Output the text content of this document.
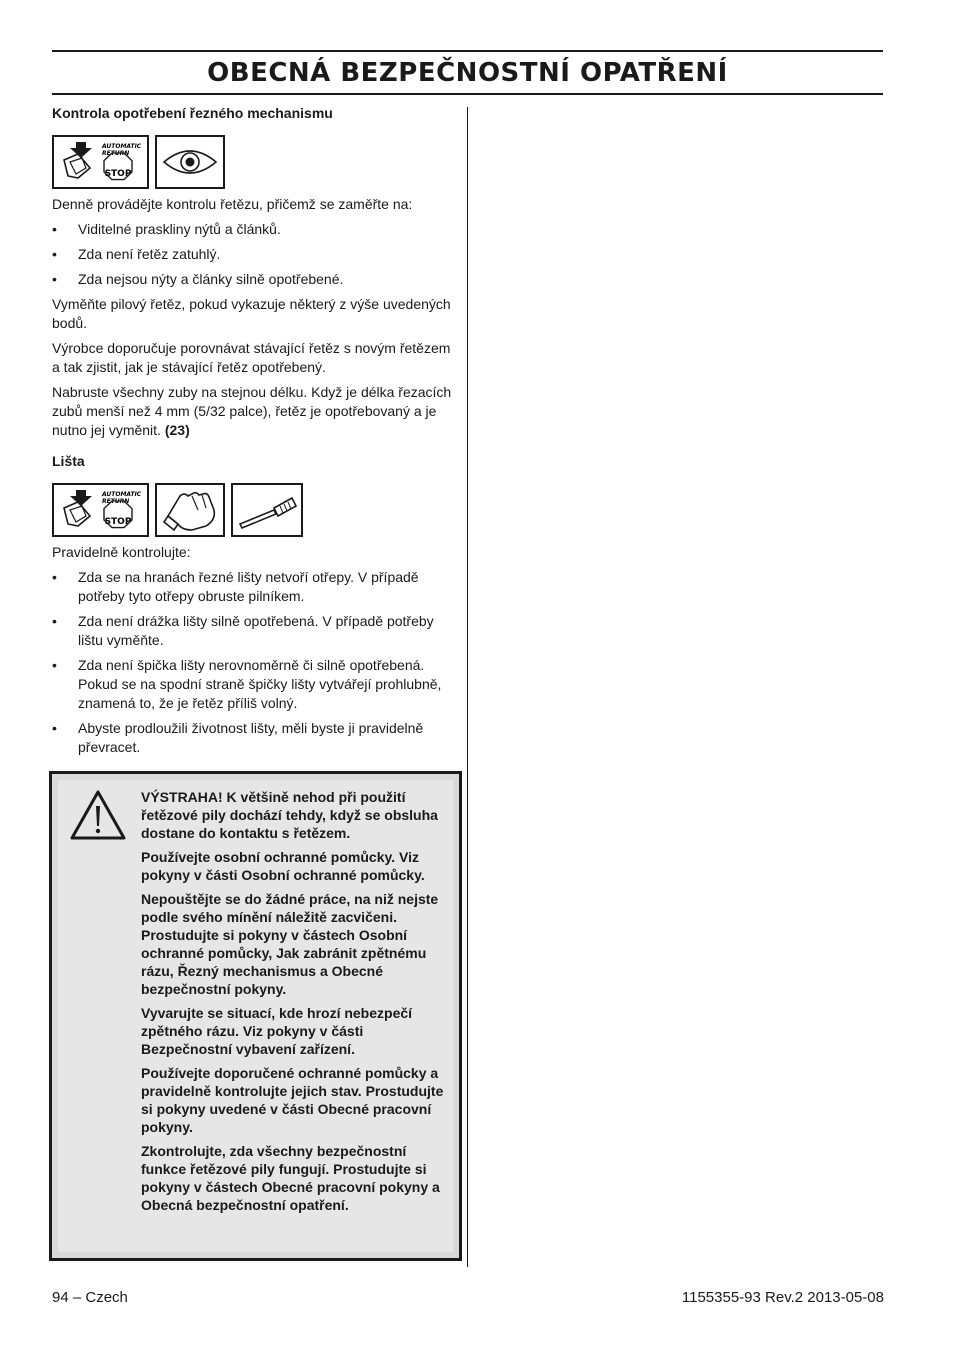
OBECNÁ BEZPEČNOSTNÍ OPATŘENÍ
Kontrola opotřebení řezného mechanismu
AUTOMATIC
RETURN
STOP

Denně provádějte kontrolu řetězu, přičemž se zaměřte na:

• Viditelné praskliny nýtů a článků.
• Zda není řetěz zatuhlý.
• Zda nejsou nýty a články silně opotřebené.

Vyměňte pilový řetěz, pokud vykazuje některý z výše uvedených bodů.

Výrobce doporučuje porovnávat stávající řetěz s novým řetězem a tak zjistit, jak je stávající řetěz opotřebený.

Nabruste všechny zuby na stejnou délku. Když je délka řezacích zubů menší než 4 mm (5/32 palce), řetěz je opotřebovaný a je nutno jej vyměnit. (23)

Lišta
AUTOMATIC
RETURN
STOP

Pravidelně kontrolujte:

• Zda se na hranách řezné lišty netvoří otřepy. V případě potřeby tyto otřepy obruste pilníkem.
• Zda není drážka lišty silně opotřebená. V případě potřeby lištu vyměňte.
• Zda není špička lišty nerovnoměrně či silně opotřebená. Pokud se na spodní straně špičky lišty vytvářejí prohlubně, znamená to, že je řetěz příliš volný.
• Abyste prodloužili životnost lišty, měli byste ji pravidelně převracet.

VÝSTRAHA! K většině nehod při použití řetězové pily dochází tehdy, když se obsluha dostane do kontaktu s řetězem.

Používejte osobní ochranné pomůcky. Viz pokyny v části Osobní ochranné pomůcky.

Nepouštějte se do žádné práce, na niž nejste podle svého mínění náležitě zacvičeni. Prostudujte si pokyny v částech Osobní ochranné pomůcky, Jak zabránit zpětnému rázu, Řezný mechanismus a Obecné bezpečnostní pokyny.

Vyvarujte se situací, kde hrozí nebezpečí zpětného rázu. Viz pokyny v části Bezpečnostní vybavení zařízení.

Používejte doporučené ochranné pomůcky a pravidelně kontrolujte jejich stav. Prostudujte si pokyny uvedené v části Obecné pracovní pokyny.

Zkontrolujte, zda všechny bezpečnostní funkce řetězové pily fungují. Prostudujte si pokyny v částech Obecné pracovní pokyny a Obecná bezpečnostní opatření.

94 – Czech	1155355-93 Rev.2 2013-05-08
